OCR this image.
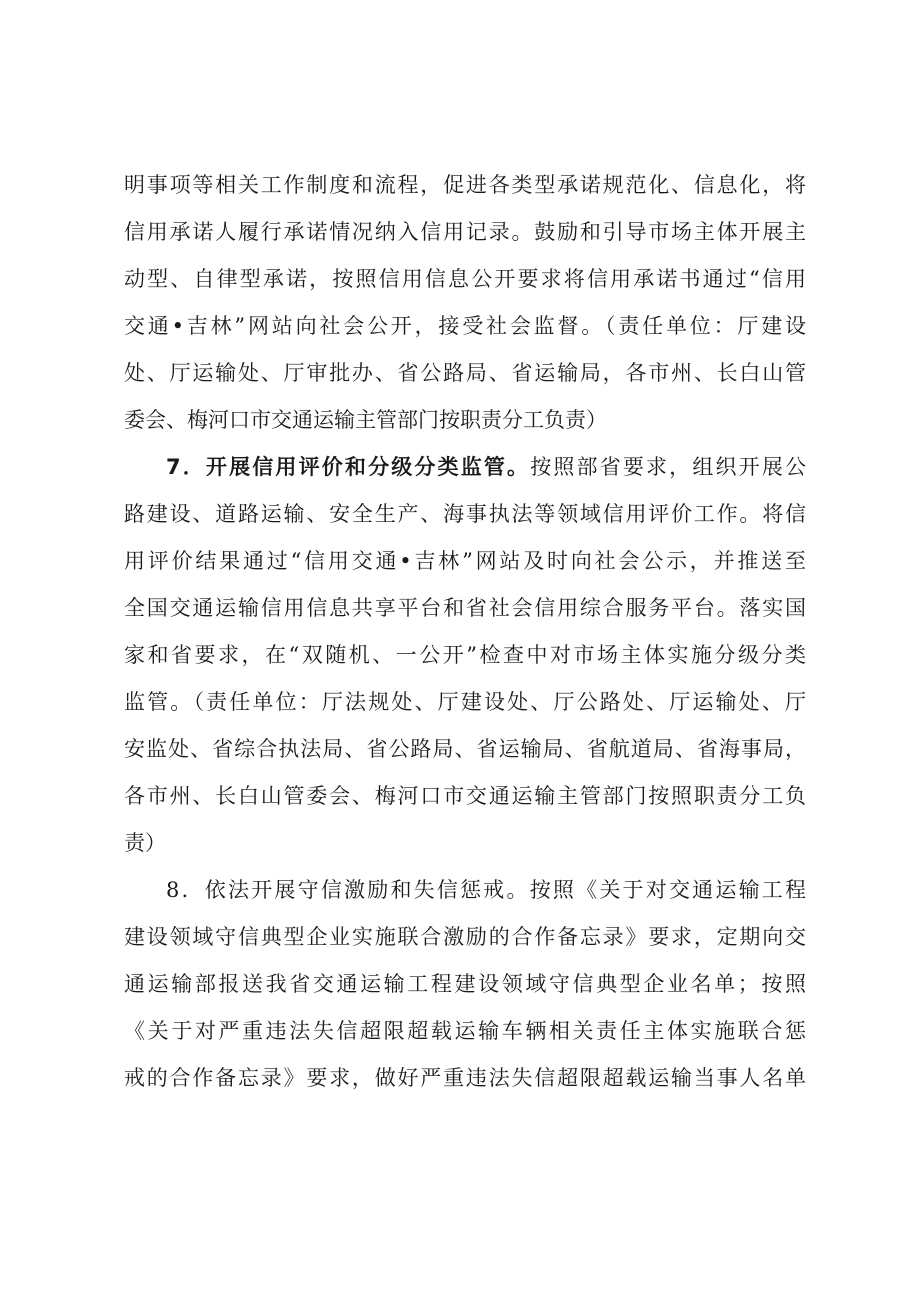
明事项等相关工作制度和流程，促进各类型承诺规范化、信息化，将
信用承诺人履行承诺情况纳入信用记录。鼓励和引导市场主体开展主
动型、自律型承诺，按照信用信息公开要求将信用承诺书通过“信用
交通•吉林”网站向社会公开，接受社会监督。（责任单位：厅建设
处、厅运输处、厅审批办、省公路局、省运输局，各市州、长白山管
委会、梅河口市交通运输主管部门按职责分工负责）
7．开展信用评价和分级分类监管。按照部省要求，组织开展公
路建设、道路运输、安全生产、海事执法等领域信用评价工作。将信
用评价结果通过“信用交通•吉林”网站及时向社会公示，并推送至
全国交通运输信用信息共享平台和省社会信用综合服务平台。落实国
家和省要求，在“双随机、一公开”检查中对市场主体实施分级分类
监管。（责任单位：厅法规处、厅建设处、厅公路处、厅运输处、厅
安监处、省综合执法局、省公路局、省运输局、省航道局、省海事局，
各市州、长白山管委会、梅河口市交通运输主管部门按照职责分工负
责）
8．依法开展守信激励和失信惩戒。按照《关于对交通运输工程
建设领域守信典型企业实施联合激励的合作备忘录》要求，定期向交
通运输部报送我省交通运输工程建设领域守信典型企业名单；按照
《关于对严重违法失信超限超载运输车辆相关责任主体实施联合惩
戒的合作备忘录》要求，做好严重违法失信超限超载运输当事人名单
